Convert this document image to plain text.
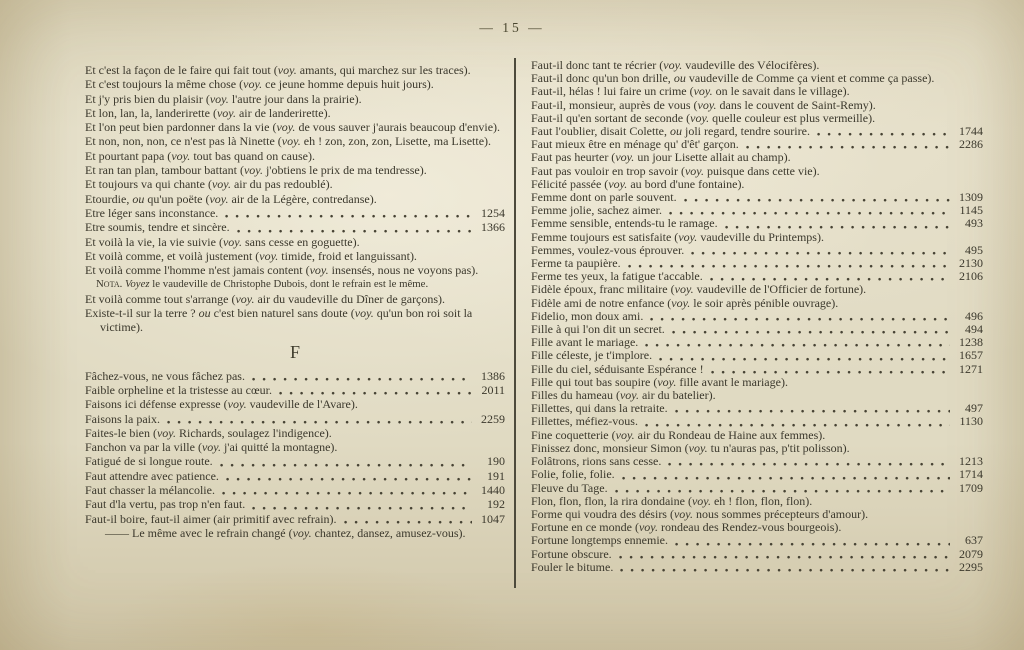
— 15 —
Et c'est la façon de le faire qui fait tout (voy. amants, qui marchez sur les traces).
Et c'est toujours la même chose (voy. ce jeune homme depuis huit jours).
Et j'y pris bien du plaisir (voy. l'autre jour dans la prairie).
Et lon, lan, la, landerirette (voy. air de landerirette).
Et l'on peut bien pardonner dans la vie (voy. de vous sauver j'aurais beaucoup d'envie).
Et non, non, non, ce n'est pas là Ninette (voy. eh ! zon, zon, zon, Lisette, ma Lisette).
Et pourtant papa (voy. tout bas quand on cause).
Et ran tan plan, tambour battant (voy. j'obtiens le prix de ma tendresse).
Et toujours va qui chante (voy. air du pas redoublé).
Etourdie, ou qu'un poëte (voy. air de la Légère, contredanse).
Etre léger sans inconstance.	1254
Etre soumis, tendre et sincère.	1366
Et voilà la vie, la vie suivie (voy. sans cesse en goguette).
Et voilà comme, et voilà justement (voy. timide, froid et languissant).
Et voilà comme l'homme n'est jamais content (voy. insensés, nous ne voyons pas).
Nota. Voyez le vaudeville de Christophe Dubois, dont le refrain est le même.
Et voilà comme tout s'arrange (voy. air du vaudeville du Dîner de garçons).
Existe-t-il sur la terre ? ou c'est bien naturel sans doute (voy. qu'un bon roi soit la victime).
F
Fâchez-vous, ne vous fâchez pas.	1386
Faible orpheline et la tristesse au cœur.	2011
Faisons ici défense expresse (voy. vaudeville de l'Avare).
Faisons la paix.	2259
Faites-le bien (voy. Richards, soulagez l'indigence).
Fanchon va par la ville (voy. j'ai quitté la montagne).
Fatigué de si longue route.	190
Faut attendre avec patience.	191
Faut chasser la mélancolie.	1440
Faut d'la vertu, pas trop n'en faut.	192
Faut-il boire, faut-il aimer (air primitif avec refrain).	1047
—— Le même avec le refrain changé (voy. chantez, dansez, amusez-vous).
Faut-il donc tant te récrier (voy. vaudeville des Vélocifères).
Faut-il donc qu'un bon drille, ou vaudeville de Comme ça vient et comme ça passe).
Faut-il, hélas ! lui faire un crime (voy. on le savait dans le village).
Faut-il, monsieur, auprès de vous (voy. dans le couvent de Saint-Remy).
Faut-il qu'en sortant de seconde (voy. quelle couleur est plus vermeille).
Faut l'oublier, disait Colette, ou joli regard, tendre sourire.	1744
Faut mieux être en ménage qu' d'êt' garçon.	2286
Faut pas heurter (voy. un jour Lisette allait au champ).
Faut pas vouloir en trop savoir (voy. puisque dans cette vie).
Félicité passée (voy. au bord d'une fontaine).
Femme dont on parle souvent.	1309
Femme jolie, sachez aimer.	1145
Femme sensible, entends-tu le ramage.	493
Femme toujours est satisfaite (voy. vaudeville du Printemps).
Femmes, voulez-vous éprouver.	495
Ferme ta paupière.	2130
Ferme tes yeux, la fatigue t'accable.	2106
Fidèle époux, franc militaire (voy. vaudeville de l'Officier de fortune).
Fidèle ami de notre enfance (voy. le soir après pénible ouvrage).
Fidelio, mon doux ami.	496
Fille à qui l'on dit un secret.	494
Fille avant le mariage.	1238
Fille céleste, je t'implore.	1657
Fille du ciel, séduisante Espérance !	1271
Fille qui tout bas soupire (voy. fille avant le mariage).
Filles du hameau (voy. air du batelier).
Fillettes, qui dans la retraite.	497
Fillettes, méfiez-vous.	1130
Fine coquetterie (voy. air du Rondeau de Haine aux femmes).
Finissez donc, monsieur Simon (voy. tu n'auras pas, p'tit polisson).
Folâtrons, rions sans cesse.	1213
Folie, folie, folie.	1714
Fleuve du Tage.	1709
Flon, flon, flon, la rira dondaine (voy. eh ! flon, flon, flon).
Forme qui voudra des désirs (voy. nous sommes précepteurs d'amour).
Fortune en ce monde (voy. rondeau des Rendez-vous bourgeois).
Fortune longtemps ennemie.	637
Fortune obscure.	2079
Fouler le bitume.	2295
